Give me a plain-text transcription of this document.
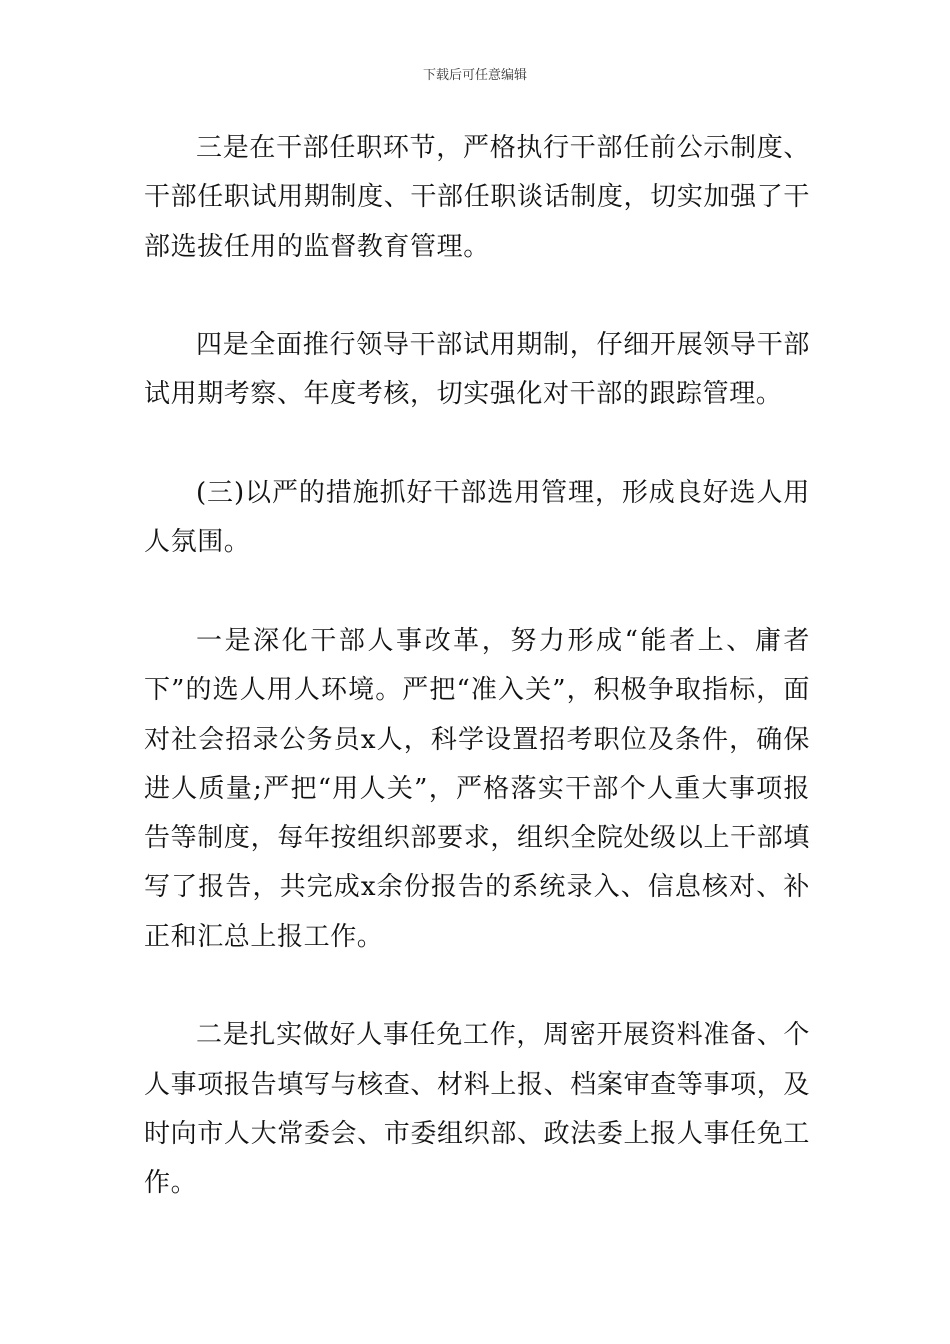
下载后可任意编辑

三是在干部任职环节，严格执行干部任前公示制度、干部任职试用期制度、干部任职谈话制度，切实加强了干部选拔任用的监督教育管理。

四是全面推行领导干部试用期制，仔细开展领导干部试用期考察、年度考核，切实强化对干部的跟踪管理。

(三)以严的措施抓好干部选用管理，形成良好选人用人氛围。

一是深化干部人事改革，努力形成“能者上、庸者下”的选人用人环境。严把“准入关”，积极争取指标，面对社会招录公务员x人，科学设置招考职位及条件，确保进人质量;严把“用人关”，严格落实干部个人重大事项报告等制度，每年按组织部要求，组织全院处级以上干部填写了报告，共完成x余份报告的系统录入、信息核对、补正和汇总上报工作。

二是扎实做好人事任免工作，周密开展资料准备、个人事项报告填写与核查、材料上报、档案审查等事项，及时向市人大常委会、市委组织部、政法委上报人事任免工作。
